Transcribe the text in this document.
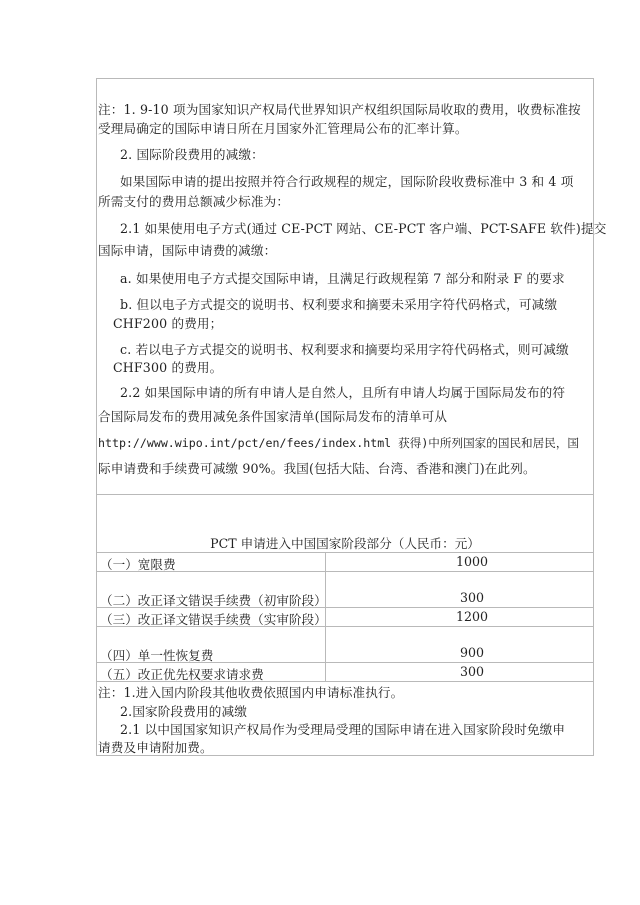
注：1. 9-10 项为国家知识产权局代世界知识产权组织国际局收取的费用，收费标准按
受理局确定的国际申请日所在月国家外汇管理局公布的汇率计算。
2. 国际阶段费用的减缴：
如果国际申请的提出按照并符合行政规程的规定，国际阶段收费标准中 3 和 4 项
所需支付的费用总额减少标准为：
2.1 如果使用电子方式(通过 CE-PCT 网站、CE-PCT 客户端、PCT-SAFE 软件)提交
国际申请，国际申请费的减缴：
a. 如果使用电子方式提交国际申请，且满足行政规程第 7 部分和附录 F 的要求
b. 但以电子方式提交的说明书、权利要求和摘要未采用字符代码格式，可减缴
CHF200 的费用；
c. 若以电子方式提交的说明书、权利要求和摘要均采用字符代码格式，则可减缴
CHF300 的费用。
2.2 如果国际申请的所有申请人是自然人，且所有申请人均属于国际局发布的符
合国际局发布的费用减免条件国家清单(国际局发布的清单可从
http://www.wipo.int/pct/en/fees/index.html 获得)中所列国家的国民和居民，国
际申请费和手续费可减缴 90%。我国(包括大陆、台湾、香港和澳门)在此列。
PCT 申请进入中国国家阶段部分（人民币：元）
（一）宽限费	1000
（二）改正译文错误手续费（初审阶段）	300
（三）改正译文错误手续费（实审阶段）	1200
（四）单一性恢复费	900
（五）改正优先权要求请求费	300
注：1.进入国内阶段其他收费依照国内申请标准执行。
2.国家阶段费用的减缴
2.1 以中国国家知识产权局作为受理局受理的国际申请在进入国家阶段时免缴申
请费及申请附加费。
